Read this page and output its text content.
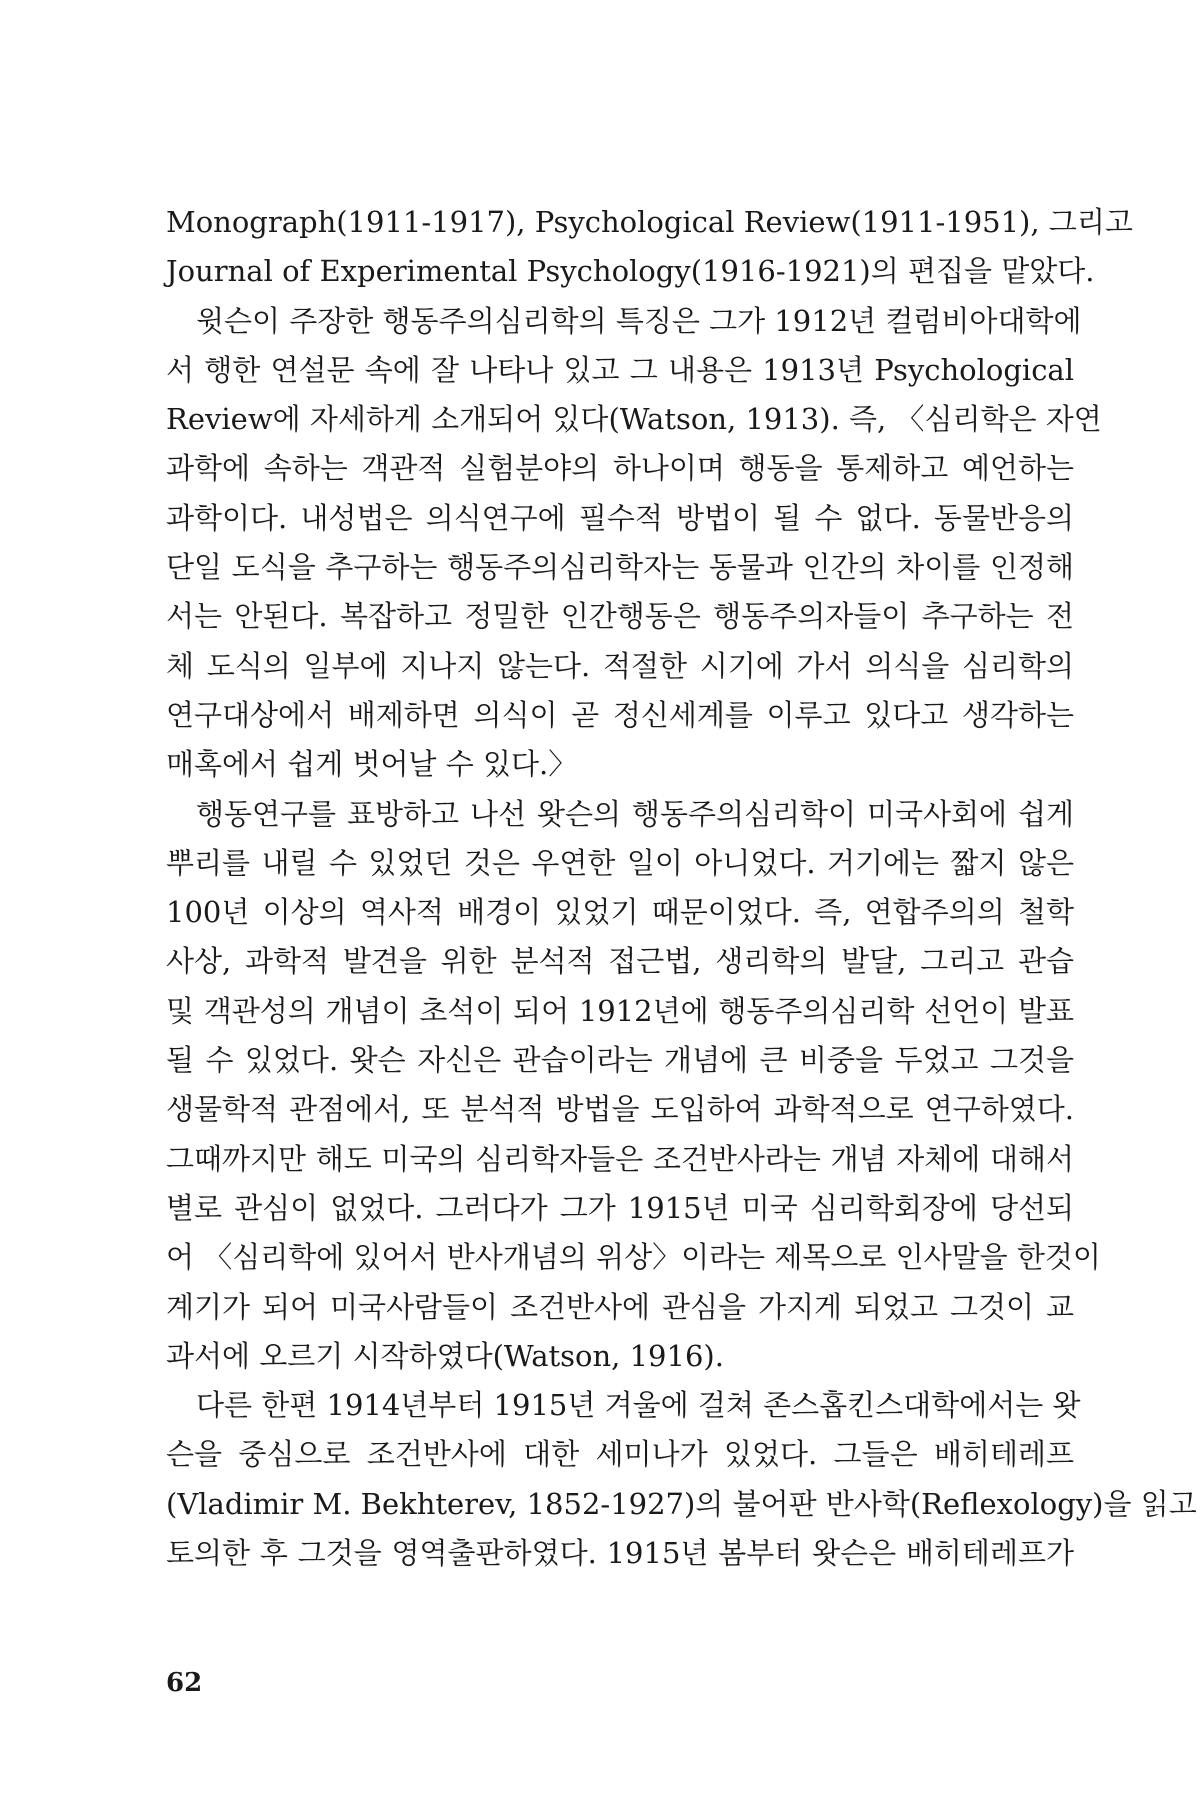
Monograph(1911-1917), Psychological Review(1911-1951), 그리고
Journal of Experimental Psychology(1916-1921)의 편집을 맡았다.
윗슨이 주장한 행동주의심리학의 특징은 그가 1912년 컬럼비아대학에
서 행한 연설문 속에 잘 나타나 있고 그 내용은 1913년 Psychological
Review에 자세하게 소개되어 있다(Watson, 1913). 즉, 〈심리학은 자연
과학에 속하는 객관적 실험분야의 하나이며 행동을 통제하고 예언하는
과학이다. 내성법은 의식연구에 필수적 방법이 될 수 없다. 동물반응의
단일 도식을 추구하는 행동주의심리학자는 동물과 인간의 차이를 인정해
서는 안된다. 복잡하고 정밀한 인간행동은 행동주의자들이 추구하는 전
체 도식의 일부에 지나지 않는다. 적절한 시기에 가서 의식을 심리학의
연구대상에서 배제하면 의식이 곧 정신세계를 이루고 있다고 생각하는
매혹에서 쉽게 벗어날 수 있다.〉
행동연구를 표방하고 나선 왓슨의 행동주의심리학이 미국사회에 쉽게
뿌리를 내릴 수 있었던 것은 우연한 일이 아니었다. 거기에는 짧지 않은
100년 이상의 역사적 배경이 있었기 때문이었다. 즉, 연합주의의 철학
사상, 과학적 발견을 위한 분석적 접근법, 생리학의 발달, 그리고 관습
및 객관성의 개념이 초석이 되어 1912년에 행동주의심리학 선언이 발표
될 수 있었다. 왓슨 자신은 관습이라는 개념에 큰 비중을 두었고 그것을
생물학적 관점에서, 또 분석적 방법을 도입하여 과학적으로 연구하였다.
그때까지만 해도 미국의 심리학자들은 조건반사라는 개념 자체에 대해서
별로 관심이 없었다. 그러다가 그가 1915년 미국 심리학회장에 당선되
어 〈심리학에 있어서 반사개념의 위상〉이라는 제목으로 인사말을 한것이
계기가 되어 미국사람들이 조건반사에 관심을 가지게 되었고 그것이 교
과서에 오르기 시작하였다(Watson, 1916).
다른 한편 1914년부터 1915년 겨울에 걸쳐 존스홉킨스대학에서는 왓
슨을 중심으로 조건반사에 대한 세미나가 있었다. 그들은 배히테레프
(Vladimir M. Bekhterev, 1852-1927)의 불어판 반사학(Reflexology)을 읽고
토의한 후 그것을 영역출판하였다. 1915년 봄부터 왓슨은 배히테레프가
62
